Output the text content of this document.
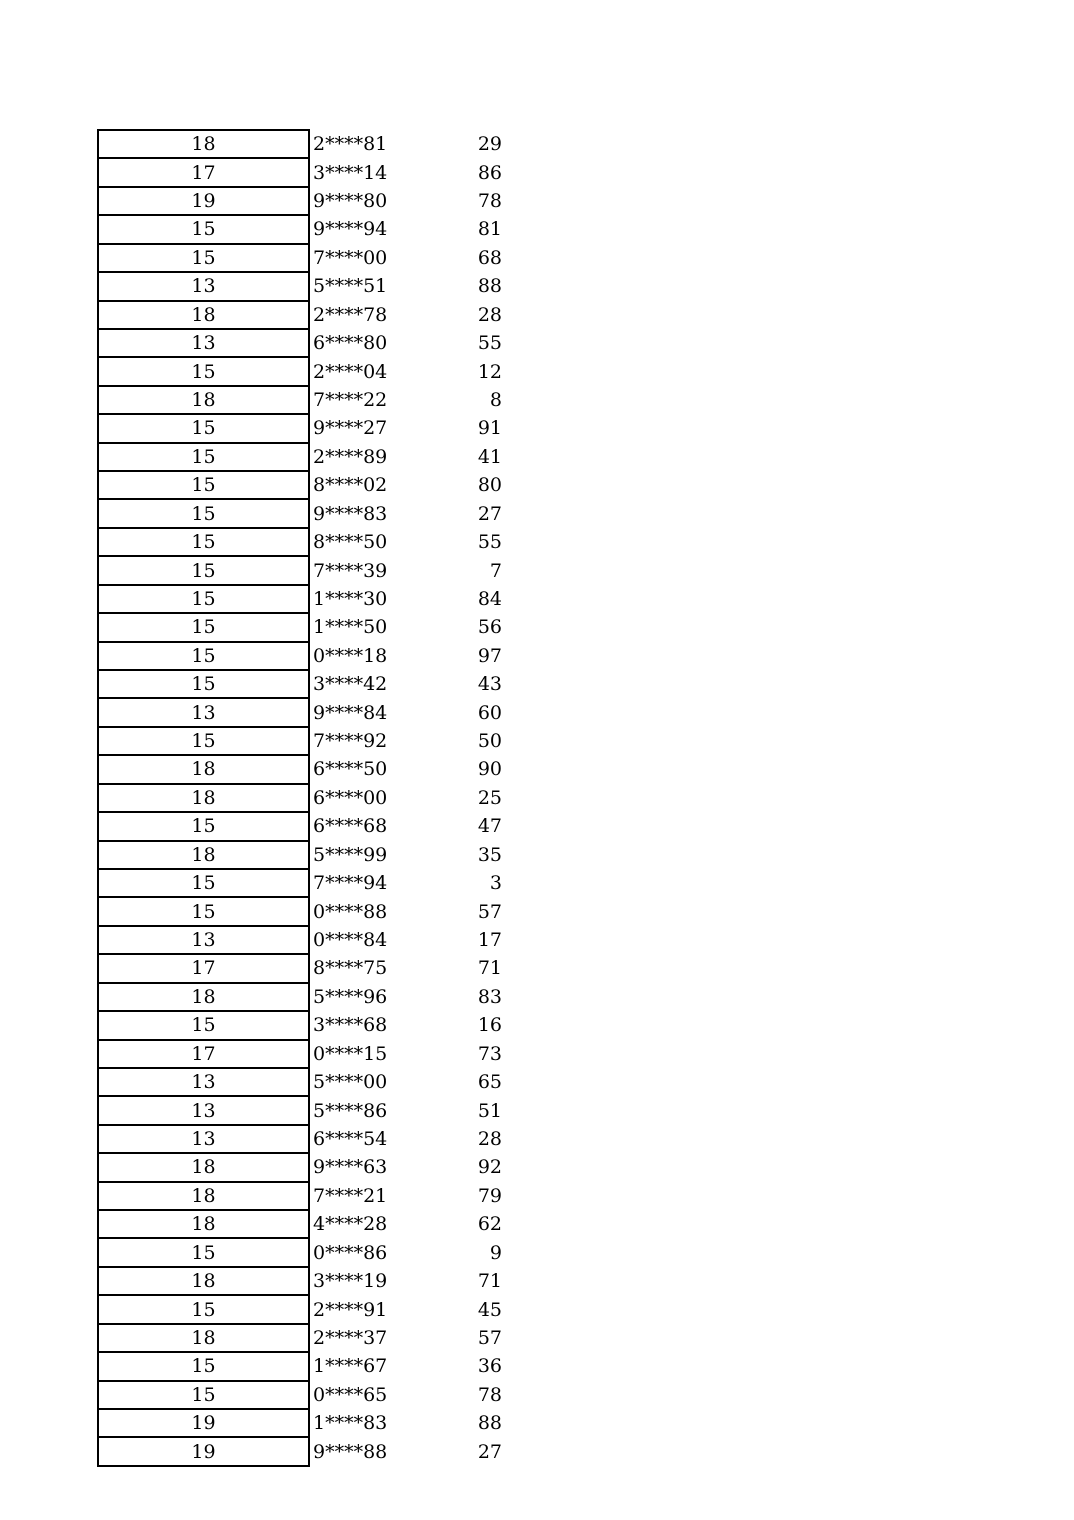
18	2****81	29
17	3****14	86
19	9****80	78
15	9****94	81
15	7****00	68
13	5****51	88
18	2****78	28
13	6****80	55
15	2****04	12
18	7****22	8
15	9****27	91
15	2****89	41
15	8****02	80
15	9****83	27
15	8****50	55
15	7****39	7
15	1****30	84
15	1****50	56
15	0****18	97
15	3****42	43
13	9****84	60
15	7****92	50
18	6****50	90
18	6****00	25
15	6****68	47
18	5****99	35
15	7****94	3
15	0****88	57
13	0****84	17
17	8****75	71
18	5****96	83
15	3****68	16
17	0****15	73
13	5****00	65
13	5****86	51
13	6****54	28
18	9****63	92
18	7****21	79
18	4****28	62
15	0****86	9
18	3****19	71
15	2****91	45
18	2****37	57
15	1****67	36
15	0****65	78
19	1****83	88
19	9****88	27
